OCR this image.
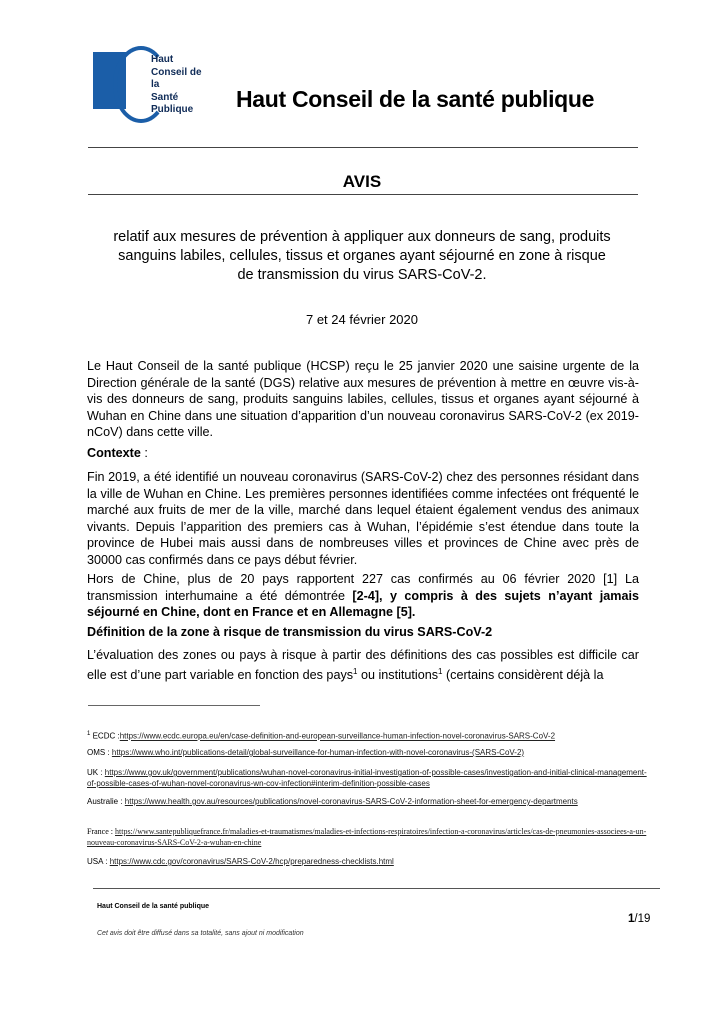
Haut
Conseil de la
Santé
Publique	Haut Conseil de la santé publique
AVIS
relatif aux mesures de prévention à appliquer aux donneurs de sang, produits
sanguins labiles, cellules, tissus et organes ayant séjourné en zone à risque
de transmission du virus SARS-CoV-2.
7 et 24 février 2020

Le Haut Conseil de la santé publique (HCSP) reçu le 25 janvier 2020 une saisine urgente de la Direction générale de la santé (DGS) relative aux mesures de prévention à mettre en œuvre vis-à-vis des donneurs de sang, produits sanguins labiles, cellules, tissus et organes ayant séjourné à Wuhan en Chine dans une situation d’apparition d’un nouveau coronavirus SARS-CoV-2 (ex 2019-nCoV) dans cette ville.

Contexte :

Fin 2019, a été identifié un nouveau coronavirus (SARS-CoV-2) chez des personnes résidant dans la ville de Wuhan en Chine. Les premières personnes identifiées comme infectées ont fréquenté le marché aux fruits de mer de la ville, marché dans lequel étaient également vendus des animaux vivants. Depuis l’apparition des premiers cas à Wuhan, l’épidémie s’est étendue dans toute la province de Hubei mais aussi dans de nombreuses villes et provinces de Chine avec près de 30000 cas confirmés dans ce pays début février.

Hors de Chine, plus de 20 pays rapportent 227 cas confirmés au 06 février 2020 [1] La transmission interhumaine a été démontrée [2-4], y compris à des sujets n’ayant jamais séjourné en Chine, dont en France et en Allemagne [5].

Définition de la zone à risque de transmission du virus SARS-CoV-2

L’évaluation des zones ou pays à risque à partir des définitions des cas possibles est difficile car elle est d’une part variable en fonction des pays$^1$ ou institutions$^1$ (certains considèrent déjà la

$^1$ ECDC :https://www.ecdc.europa.eu/en/case-definition-and-european-surveillance-human-infection-novel-coronavirus-SARS-CoV-2
OMS : https://www.who.int/publications-detail/global-surveillance-for-human-infection-with-novel-coronavirus-(SARS-CoV-2)
UK : https://www.gov.uk/government/publications/wuhan-novel-coronavirus-initial-investigation-of-possible-cases/investigation-and-initial-clinical-management-of-possible-cases-of-wuhan-novel-coronavirus-wn-cov-infection#interim-definition-possible-cases
Australie : https://www.health.gov.au/resources/publications/novel-coronavirus-SARS-CoV-2-information-sheet-for-emergency-departments
France : https://www.santepubliquefrance.fr/maladies-et-traumatismes/maladies-et-infections-respiratoires/infection-a-coronavirus/articles/cas-de-pneumonies-associees-a-un-nouveau-coronavirus-SARS-CoV-2-a-wuhan-en-chine
USA : https://www.cdc.gov/coronavirus/SARS-CoV-2/hcp/preparedness-checklists.html
Haut Conseil de la santé publique
1/19
Cet avis doit être diffusé dans sa totalité, sans ajout ni modification
